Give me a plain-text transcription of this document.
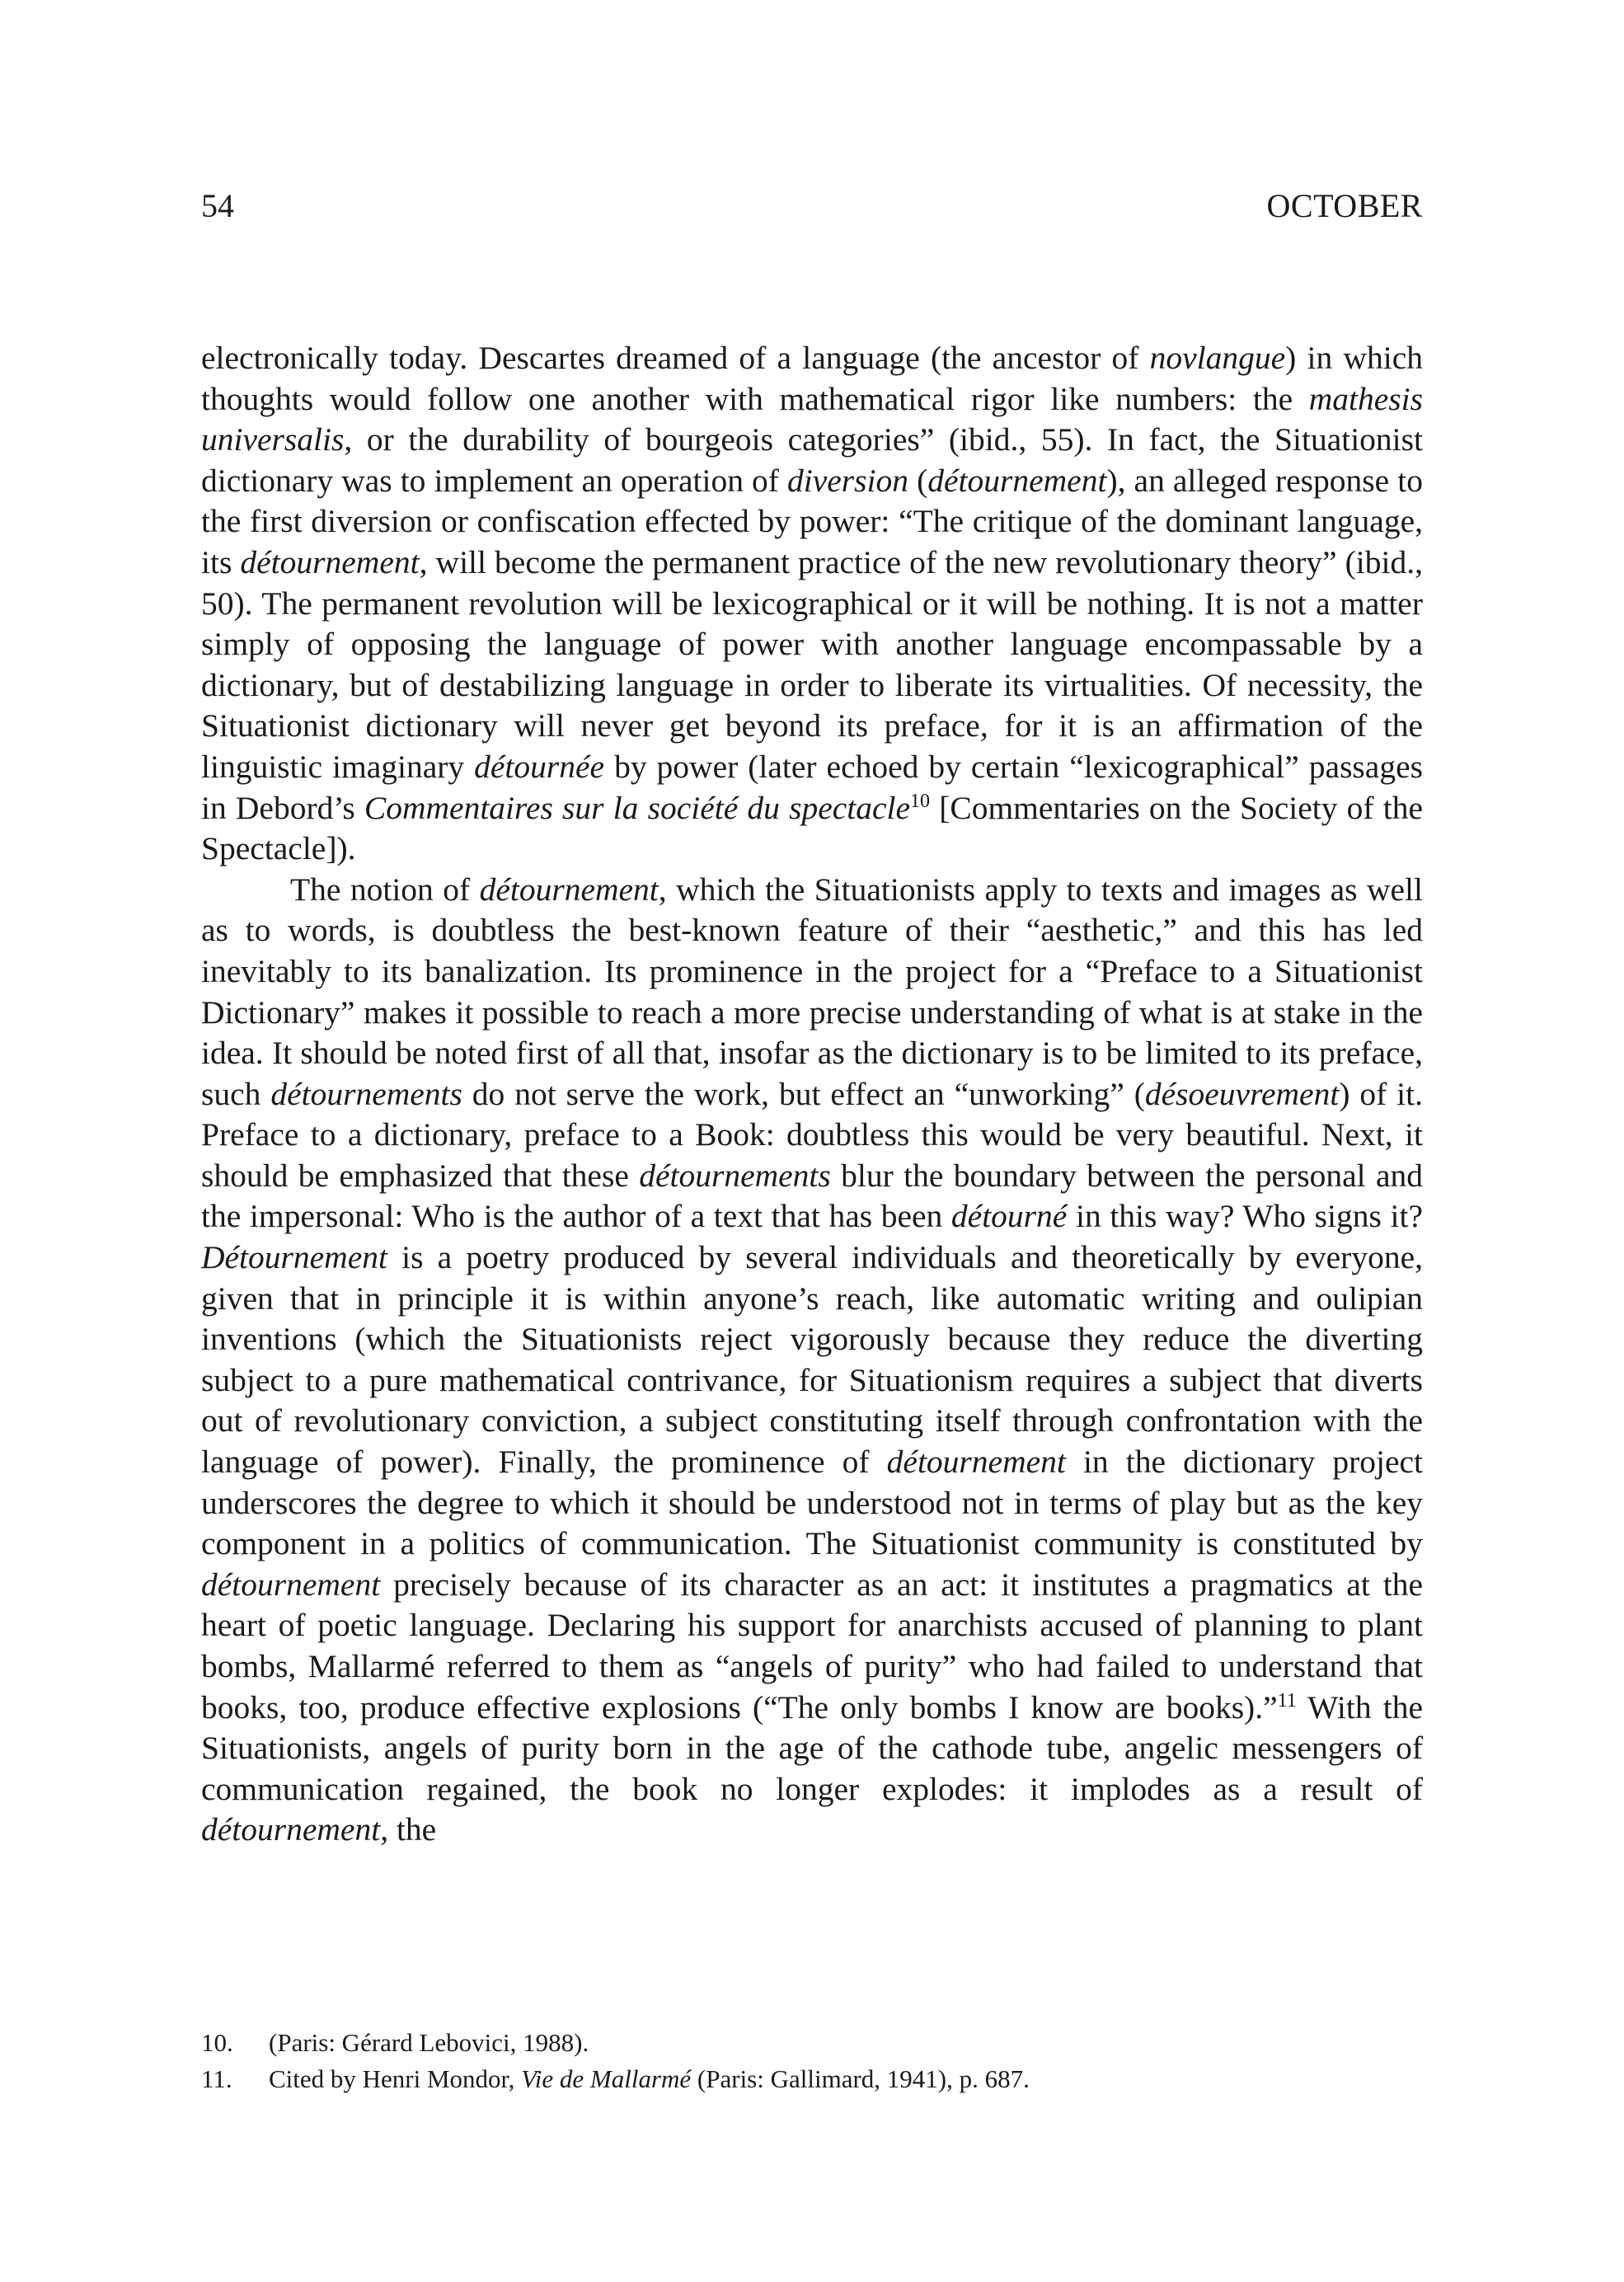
54	OCTOBER

electronically today. Descartes dreamed of a language (the ancestor of novlangue) in which thoughts would follow one another with mathematical rigor like numbers: the mathesis universalis, or the durability of bourgeois categories” (ibid., 55). In fact, the Situationist dictionary was to implement an operation of diversion (détournement), an alleged response to the first diversion or confiscation effected by power: “The critique of the dominant language, its détournement, will become the permanent practice of the new revolutionary theory” (ibid., 50). The permanent revolution will be lexicographical or it will be nothing. It is not a matter simply of opposing the language of power with another language encompassable by a dictionary, but of destabilizing language in order to liberate its virtualities. Of necessity, the Situationist dictionary will never get beyond its preface, for it is an affirmation of the linguistic imaginary détournée by power (later echoed by certain “lexicographical” passages in Debord’s Commentaires sur la société du spectacle$^{10}$ [Commentaries on the Society of the Spectacle]).

The notion of détournement, which the Situationists apply to texts and images as well as to words, is doubtless the best-known feature of their “aesthetic,” and this has led inevitably to its banalization. Its prominence in the project for a “Preface to a Situationist Dictionary” makes it possible to reach a more precise understanding of what is at stake in the idea. It should be noted first of all that, insofar as the dictionary is to be limited to its preface, such détournements do not serve the work, but effect an “unworking” (désoeuvrement) of it. Preface to a dictionary, preface to a Book: doubtless this would be very beautiful. Next, it should be emphasized that these détournements blur the boundary between the personal and the impersonal: Who is the author of a text that has been détourné in this way? Who signs it? Détournement is a poetry produced by several individuals and theoretically by everyone, given that in principle it is within anyone’s reach, like automatic writing and oulipian inventions (which the Situationists reject vigorously because they reduce the diverting subject to a pure mathematical contrivance, for Situationism requires a subject that diverts out of revolutionary conviction, a subject constituting itself through confrontation with the language of power). Finally, the prominence of détournement in the dictionary project underscores the degree to which it should be understood not in terms of play but as the key component in a politics of communication. The Situationist community is constituted by détournement precisely because of its character as an act: it institutes a pragmatics at the heart of poetic language. Declaring his support for anarchists accused of planning to plant bombs, Mallarmé referred to them as “angels of purity” who had failed to understand that books, too, produce effective explosions (“The only bombs I know are books).”$^{11}$ With the Situationists, angels of purity born in the age of the cathode tube, angelic messengers of communication regained, the book no longer explodes: it implodes as a result of détournement, the

10.	(Paris: Gérard Lebovici, 1988).
11.	Cited by Henri Mondor, Vie de Mallarmé (Paris: Gallimard, 1941), p. 687.
